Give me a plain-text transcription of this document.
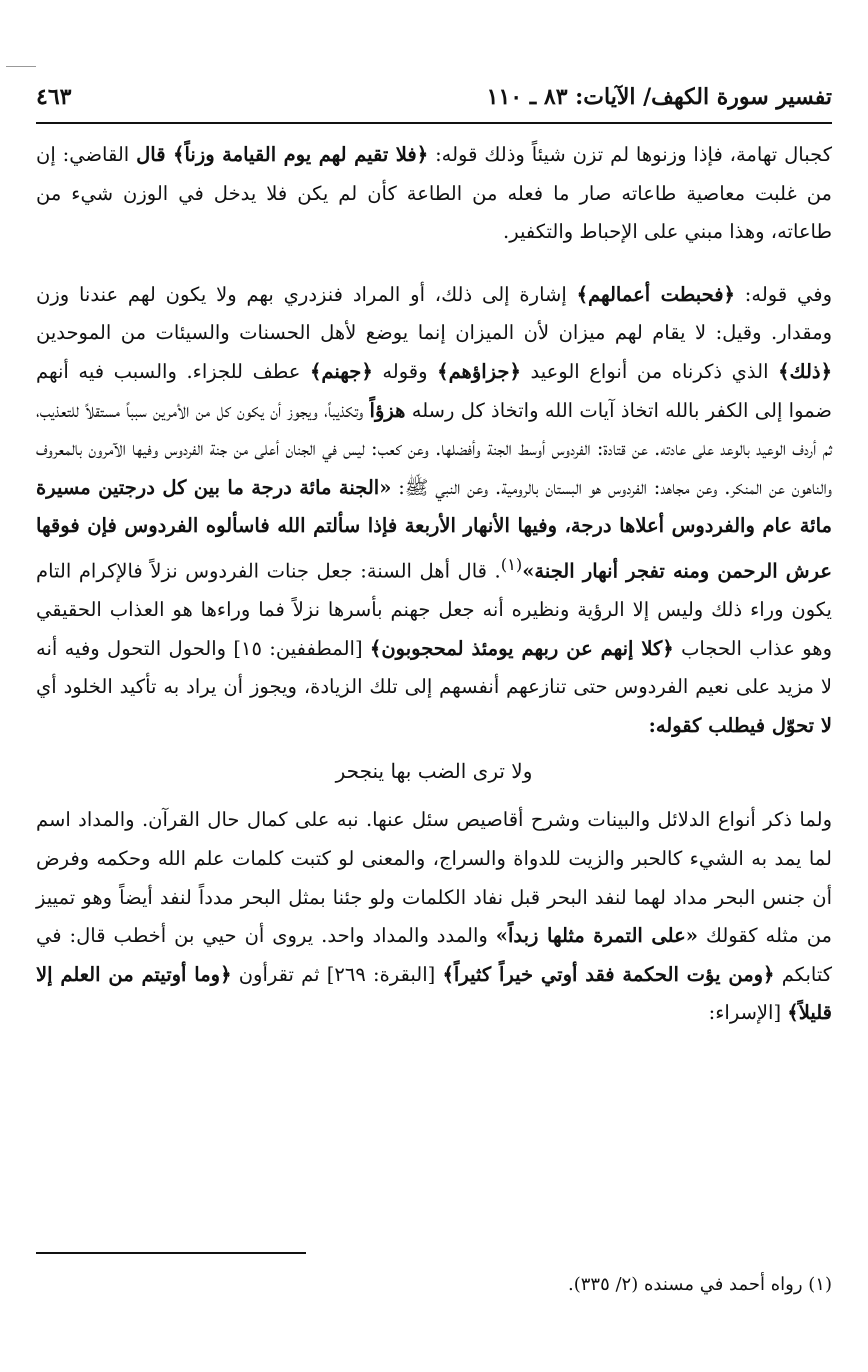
تفسير سورة الكهف/ الآيات: ٨٣ ـ ١١٠
٤٦٣

كجبال تهامة، فإذا وزنوها لم تزن شيئاً وذلك قوله: ﴿فلا تقيم لهم يوم القيامة وزناً﴾ قال القاضي: إن من غلبت معاصية طاعاته صار ما فعله من الطاعة كأن لم يكن فلا يدخل في الوزن شيء من طاعاته، وهذا مبني على الإحباط والتكفير.

وفي قوله: ﴿فحبطت أعمالهم﴾ إشارة إلى ذلك، أو المراد فنزدري بهم ولا يكون لهم عندنا وزن ومقدار. وقيل: لا يقام لهم ميزان لأن الميزان إنما يوضع لأهل الحسنات والسيئات من الموحدين ﴿ذلك﴾ الذي ذكرناه من أنواع الوعيد ﴿جزاؤهم﴾ وقوله ﴿جهنم﴾ عطف للجزاء. والسبب فيه أنهم ضموا إلى الكفر بالله اتخاذ آيات الله واتخاذ كل رسله هزؤاً وتكذيباً، ويجوز أن يكون كل من الأمرين سبباً مستقلاً للتعذيب، ثم أردف الوعيد بالوعد على عادته. عن قتادة: الفردوس أوسط الجنة وأفضلها. وعن كعب: ليس في الجنان أعلى من جنة الفردوس وفيها الآمرون بالمعروف والناهون عن المنكر. وعن مجاهد: الفردوس هو البستان بالرومية. وعن النبي ﷺ: «الجنة مائة درجة ما بين كل درجتين مسيرة مائة عام والفردوس أعلاها درجة، وفيها الأنهار الأربعة فإذا سألتم الله فاسألوه الفردوس فإن فوقها عرش الرحمن ومنه تفجر أنهار الجنة»$^{(١)}$. قال أهل السنة: جعل جنات الفردوس نزلاً فالإكرام التام يكون وراء ذلك وليس إلا الرؤية ونظيره أنه جعل جهنم بأسرها نزلاً فما وراءها هو العذاب الحقيقي وهو عذاب الحجاب ﴿كلا إنهم عن ربهم يومئذ لمحجوبون﴾ [المطففين: ١٥] والحول التحول وفيه أنه لا مزيد على نعيم الفردوس حتى تنازعهم أنفسهم إلى تلك الزيادة، ويجوز أن يراد به تأكيد الخلود أي لا تحوّل فيطلب كقوله:

ولا ترى الضب بها ينجحر

ولما ذكر أنواع الدلائل والبينات وشرح أقاصيص سئل عنها. نبه على كمال حال القرآن. والمداد اسم لما يمد به الشيء كالحبر والزيت للدواة والسراج، والمعنى لو كتبت كلمات علم الله وحكمه وفرض أن جنس البحر مداد لهما لنفد البحر قبل نفاد الكلمات ولو جئنا بمثل البحر مدداً لنفد أيضاً وهو تمييز من مثله كقولك «على التمرة مثلها زبداً» والمدد والمداد واحد. يروى أن حيي بن أخطب قال: في كتابكم ﴿ومن يؤت الحكمة فقد أوتي خيراً كثيراً﴾ [البقرة: ٢٦٩] ثم تقرأون ﴿وما أوتيتم من العلم إلا قليلاً﴾ [الإسراء:

(١) رواه أحمد في مسنده (٢/ ٣٣٥).
